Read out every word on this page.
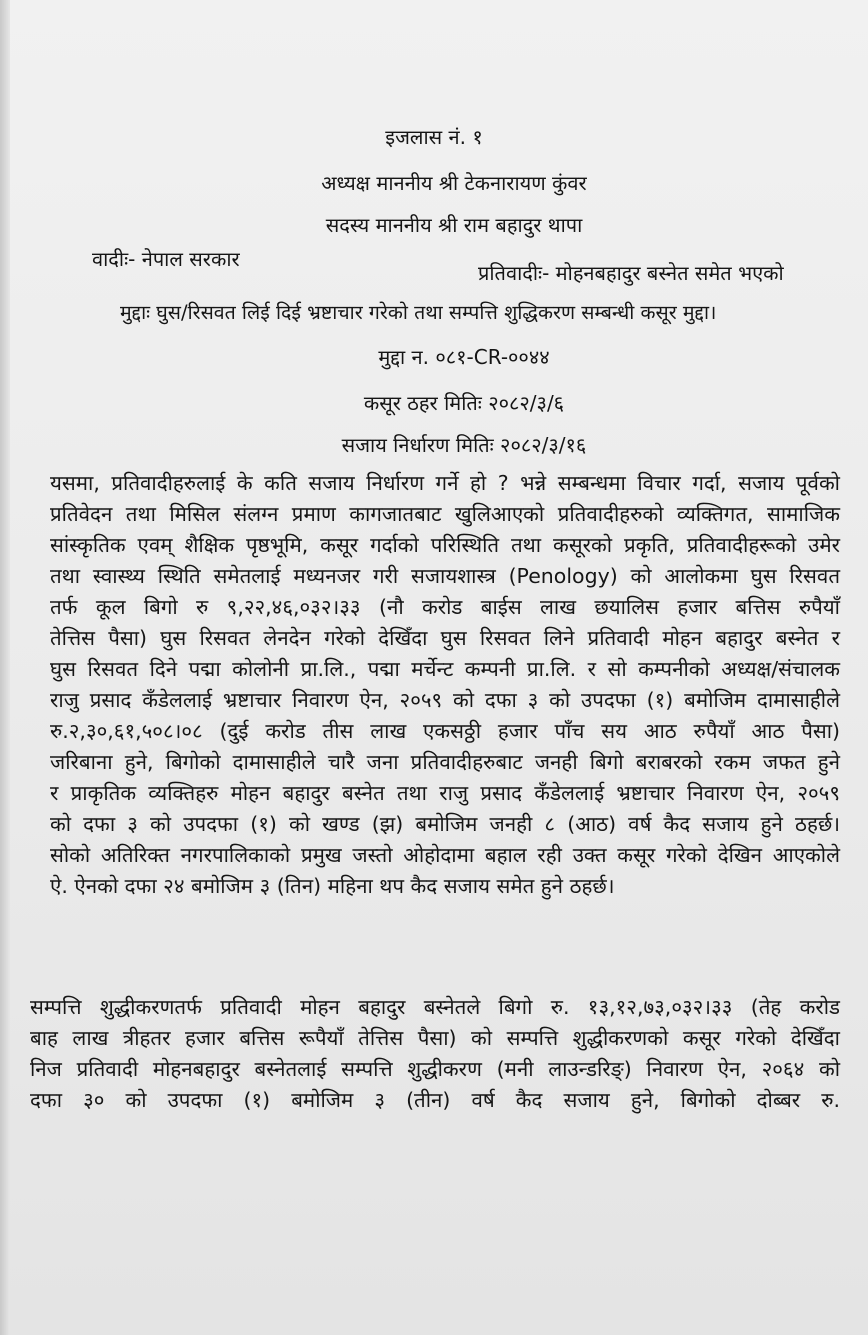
इजलास नं. १
अध्यक्ष माननीय श्री टेकनारायण कुंवर
सदस्य माननीय श्री राम बहादुर थापा
वादीः- नेपाल सरकार
प्रतिवादीः- मोहनबहादुर बस्नेत समेत भएको
मुद्दाः घुस/रिसवत लिई दिई भ्रष्टाचार गरेको तथा सम्पत्ति शुद्धिकरण सम्बन्धी कसूर मुद्दा।
मुद्दा न. ०८१-CR-००४४
कसूर ठहर मितिः २०८२/३/६
सजाय निर्धारण मितिः २०८२/३/१६
यसमा, प्रतिवादीहरुलाई के कति सजाय निर्धारण गर्ने हो ? भन्ने सम्बन्धमा विचार गर्दा, सजाय पूर्वको
प्रतिवेदन तथा मिसिल संलग्न प्रमाण कागजातबाट खुलिआएको प्रतिवादीहरुको व्यक्तिगत, सामाजिक
सांस्कृतिक एवम् शैक्षिक पृष्ठभूमि, कसूर गर्दाको परिस्थिति तथा कसूरको प्रकृति, प्रतिवादीहरूको उमेर
तथा स्वास्थ्य स्थिति समेतलाई मध्यनजर गरी सजायशास्त्र (Penology) को आलोकमा घुस रिसवत
तर्फ कूल बिगो रु ९,२२,४६,०३२।३३ (नौ करोड बाईस लाख छयालिस हजार बत्तिस रुपैयाँ
तेत्तिस पैसा) घुस रिसवत लेनदेन गरेको देखिँदा घुस रिसवत लिने प्रतिवादी मोहन बहादुर बस्नेत र
घुस रिसवत दिने पद्मा कोलोनी प्रा.लि., पद्मा मर्चेन्ट कम्पनी प्रा.लि. र सो कम्पनीको अध्यक्ष/संचालक
राजु प्रसाद कँडेललाई भ्रष्टाचार निवारण ऐन, २०५९ को दफा ३ को उपदफा (१) बमोजिम दामासाहीले
रु.२,३०,६१,५०८।०८ (दुई करोड तीस लाख एकसठ्ठी हजार पाँच सय आठ रुपैयाँ आठ पैसा)
जरिबाना हुने, बिगोको दामासाहीले चारै जना प्रतिवादीहरुबाट जनही बिगो बराबरको रकम जफत हुने
र प्राकृतिक व्यक्तिहरु मोहन बहादुर बस्नेत तथा राजु प्रसाद कँडेललाई भ्रष्टाचार निवारण ऐन, २०५९
को दफा ३ को उपदफा (१) को खण्ड (झ) बमोजिम जनही ८ (आठ) वर्ष कैद सजाय हुने ठहर्छ।
सोको अतिरिक्त नगरपालिकाको प्रमुख जस्तो ओहोदामा बहाल रही उक्त कसूर गरेको देखिन आएकोले
ऐ. ऐनको दफा २४ बमोजिम ३ (तिन) महिना थप कैद सजाय समेत हुने ठहर्छ।
सम्पत्ति शुद्धीकरणतर्फ प्रतिवादी मोहन बहादुर बस्नेतले बिगो रु. १३,१२,७३,०३२।३३ (तेह करोड
बाह लाख त्रीहतर हजार बत्तिस रूपैयाँ तेत्तिस पैसा) को सम्पत्ति शुद्धीकरणको कसूर गरेको देखिँदा
निज प्रतिवादी मोहनबहादुर बस्नेतलाई सम्पत्ति शुद्धीकरण (मनी लाउन्डरिङ्) निवारण ऐन, २०६४ को
दफा ३० को उपदफा (१) बमोजिम ३ (तीन) वर्ष कैद सजाय हुने, बिगोको दोब्बर रु.
